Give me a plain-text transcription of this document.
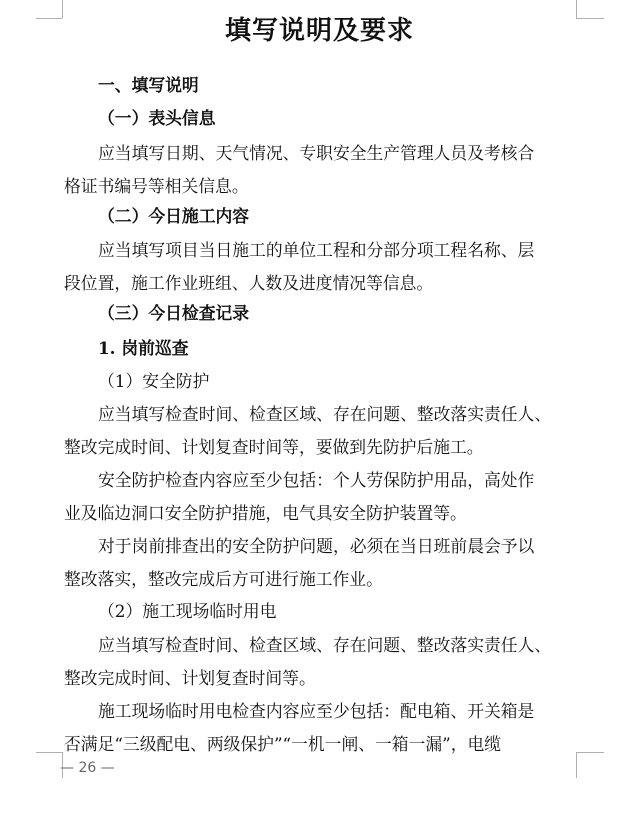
填写说明及要求
一、填写说明
（一）表头信息
应当填写日期、天气情况、专职安全生产管理人员及考核合
格证书编号等相关信息。
（二）今日施工内容
应当填写项目当日施工的单位工程和分部分项工程名称、层
段位置，施工作业班组、人数及进度情况等信息。
（三）今日检查记录
1. 岗前巡查
（1）安全防护
应当填写检查时间、检查区域、存在问题、整改落实责任人、
整改完成时间、计划复查时间等，要做到先防护后施工。
安全防护检查内容应至少包括：个人劳保防护用品，高处作
业及临边洞口安全防护措施，电气具安全防护装置等。
对于岗前排查出的安全防护问题，必须在当日班前晨会予以
整改落实，整改完成后方可进行施工作业。
（2）施工现场临时用电
应当填写检查时间、检查区域、存在问题、整改落实责任人、
整改完成时间、计划复查时间等。
施工现场临时用电检查内容应至少包括：配电箱、开关箱是
否满足“三级配电、两级保护”“一机一闸、一箱一漏”，电缆
— 26 —
